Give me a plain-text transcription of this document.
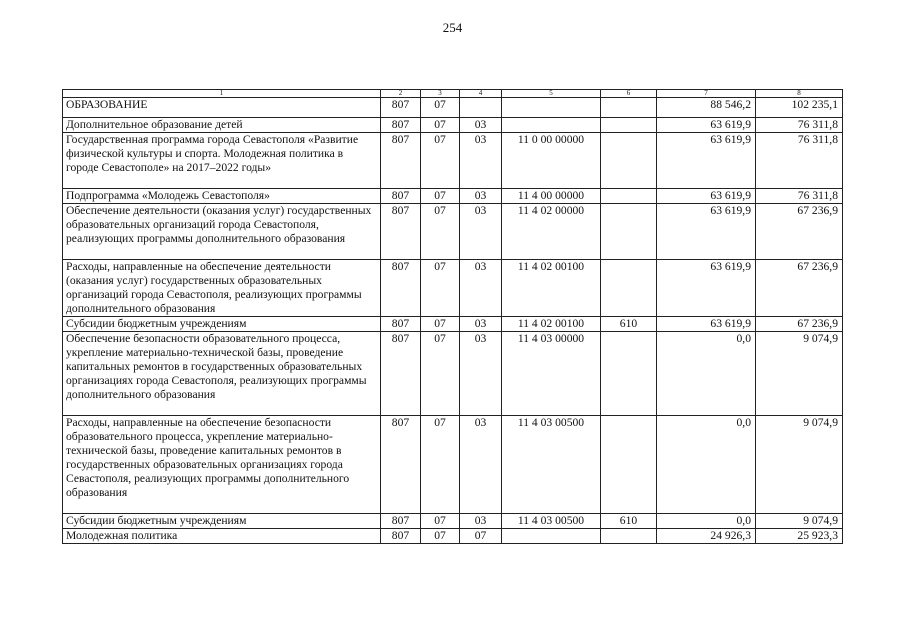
254
1	2	3	4	5	6	7	8
ОБРАЗОВАНИЕ	807	07				88 546,2	102 235,1
Дополнительное образование детей	807	07	03			63 619,9	76 311,8
Государственная программа города Севастополя «Развитие физической культуры и спорта. Молодежная политика в городе Севастополе» на 2017–2022 годы»	807	07	03	11 0 00 00000		63 619,9	76 311,8
Подпрограмма «Молодежь Севастополя»	807	07	03	11 4 00 00000		63 619,9	76 311,8
Обеспечение деятельности (оказания услуг) государственных образовательных организаций города Севастополя, реализующих программы дополнительного образования	807	07	03	11 4 02 00000		63 619,9	67 236,9
Расходы, направленные на обеспечение деятельности (оказания услуг) государственных образовательных организаций города Севастополя, реализующих программы дополнительного образования	807	07	03	11 4 02 00100		63 619,9	67 236,9
Субсидии бюджетным учреждениям	807	07	03	11 4 02 00100	610	63 619,9	67 236,9
Обеспечение безопасности образовательного процесса, укрепление материально-технической базы, проведение капитальных ремонтов в государственных образовательных организациях города Севастополя, реализующих программы дополнительного образования	807	07	03	11 4 03 00000		0,0	9 074,9
Расходы, направленные на обеспечение безопасности образовательного процесса, укрепление материально-технической базы, проведение капитальных ремонтов в государственных образовательных организациях города Севастополя, реализующих программы дополнительного образования	807	07	03	11 4 03 00500		0,0	9 074,9
Субсидии бюджетным учреждениям	807	07	03	11 4 03 00500	610	0,0	9 074,9
Молодежная политика	807	07	07			24 926,3	25 923,3
